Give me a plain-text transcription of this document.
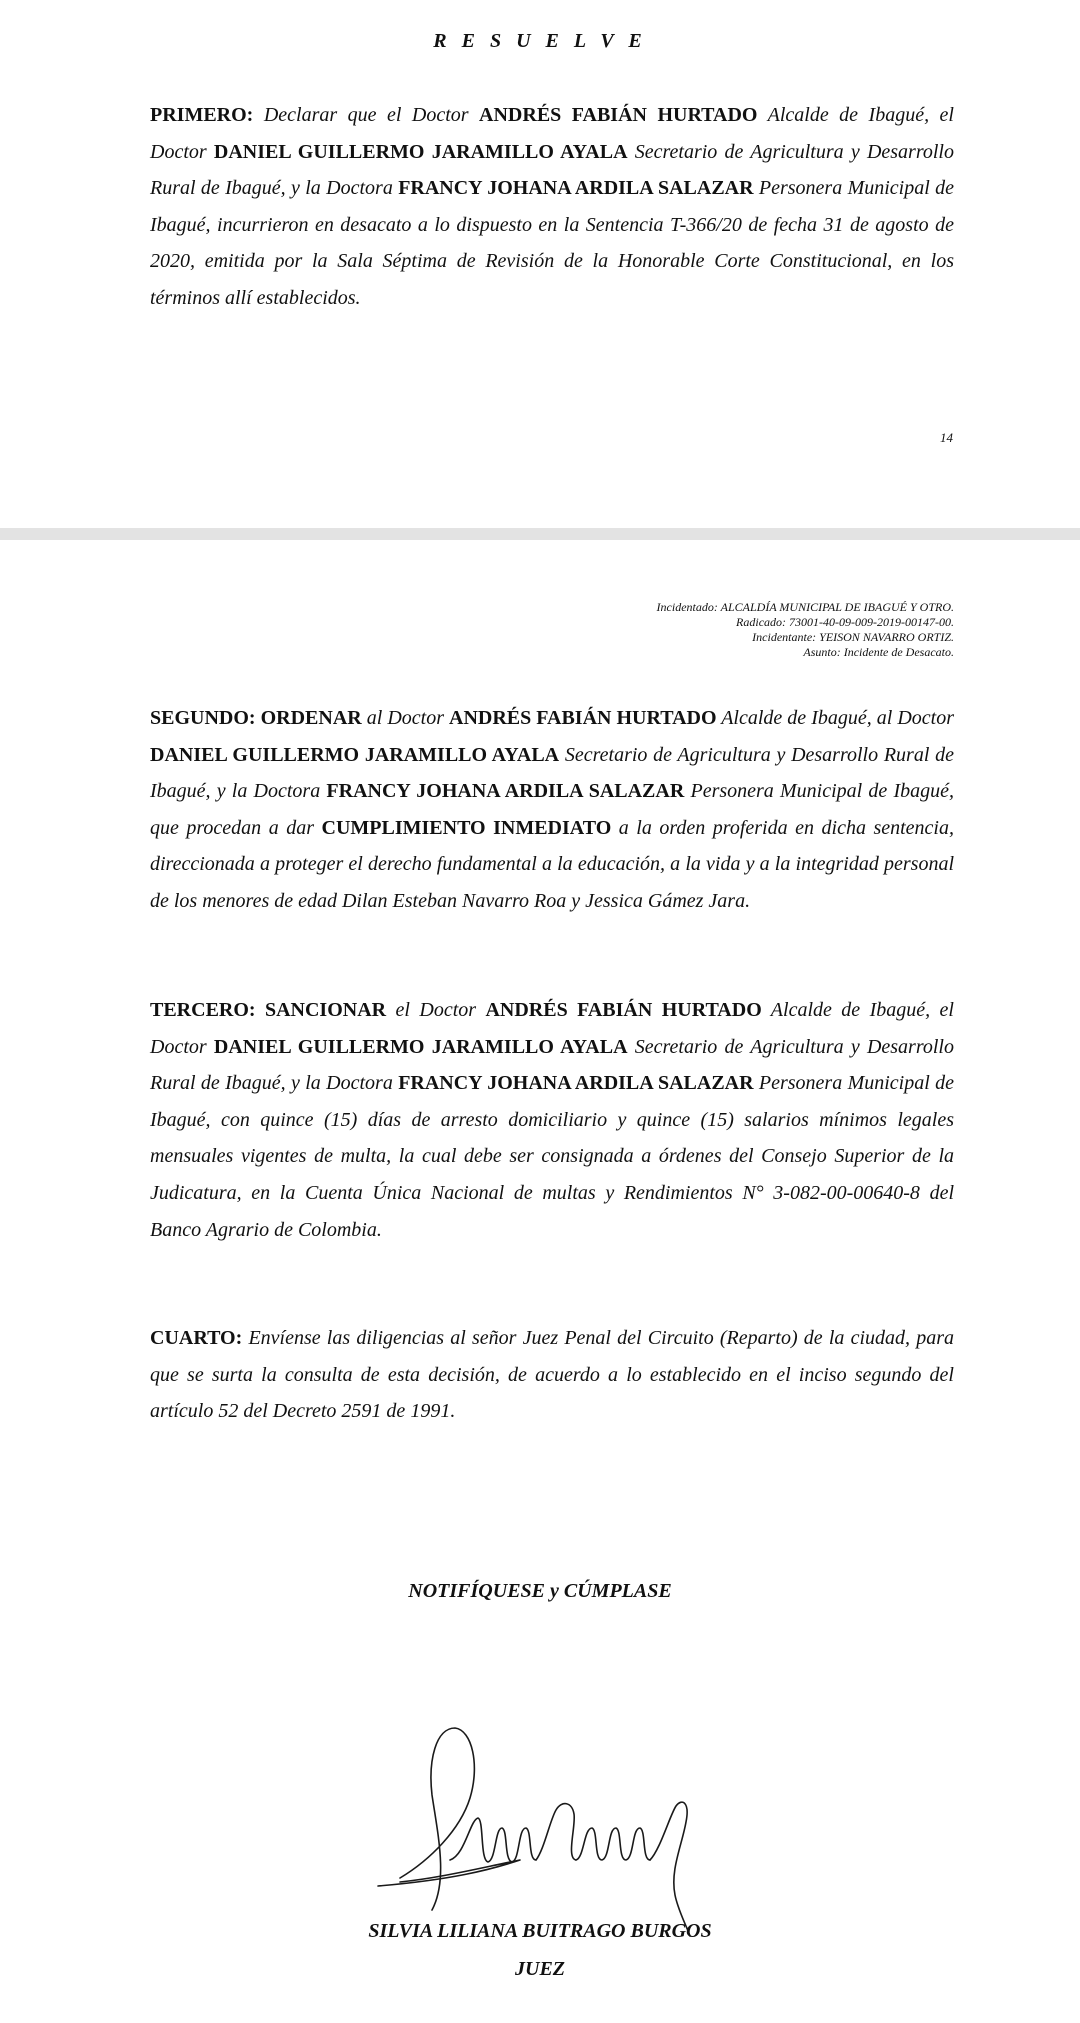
R E S U E L V E
PRIMERO: Declarar que el Doctor ANDRÉS FABIÁN HURTADO Alcalde de Ibagué, el Doctor DANIEL GUILLERMO JARAMILLO AYALA Secretario de Agricultura y Desarrollo Rural de Ibagué, y la Doctora FRANCY JOHANA ARDILA SALAZAR Personera Municipal de Ibagué, incurrieron en desacato a lo dispuesto en la Sentencia T-366/20 de fecha 31 de agosto de 2020, emitida por la Sala Séptima de Revisión de la Honorable Corte Constitucional, en los términos allí establecidos.
14
Incidentado: ALCALDÍA MUNICIPAL DE IBAGUÉ Y OTRO.
Radicado: 73001-40-09-009-2019-00147-00.
Incidentante: YEISON NAVARRO ORTIZ.
Asunto: Incidente de Desacato.
SEGUNDO: ORDENAR al Doctor ANDRÉS FABIÁN HURTADO Alcalde de Ibagué, al Doctor DANIEL GUILLERMO JARAMILLO AYALA Secretario de Agricultura y Desarrollo Rural de Ibagué, y la Doctora FRANCY JOHANA ARDILA SALAZAR Personera Municipal de Ibagué, que procedan a dar CUMPLIMIENTO INMEDIATO a la orden proferida en dicha sentencia, direccionada a proteger el derecho fundamental a la educación, a la vida y a la integridad personal de los menores de edad Dilan Esteban Navarro Roa y Jessica Gámez Jara.
TERCERO: SANCIONAR el Doctor ANDRÉS FABIÁN HURTADO Alcalde de Ibagué, el Doctor DANIEL GUILLERMO JARAMILLO AYALA Secretario de Agricultura y Desarrollo Rural de Ibagué, y la Doctora FRANCY JOHANA ARDILA SALAZAR Personera Municipal de Ibagué, con quince (15) días de arresto domiciliario y quince (15) salarios mínimos legales mensuales vigentes de multa, la cual debe ser consignada a órdenes del Consejo Superior de la Judicatura, en la Cuenta Única Nacional de multas y Rendimientos N° 3-082-00-00640-8 del Banco Agrario de Colombia.
CUARTO: Envíense las diligencias al señor Juez Penal del Circuito (Reparto) de la ciudad, para que se surta la consulta de esta decisión, de acuerdo a lo establecido en el inciso segundo del artículo 52 del Decreto 2591 de 1991.
NOTIFÍQUESE y CÚMPLASE
SILVIA LILIANA BUITRAGO BURGOS
JUEZ
